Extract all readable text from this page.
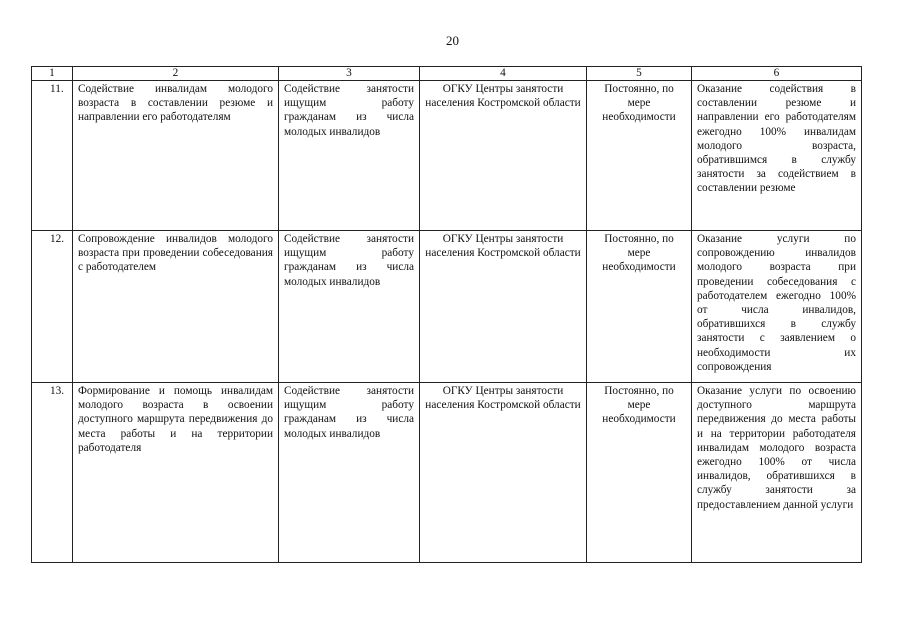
20
1	2	3	4	5	6
11.	Содействие инвалидам молодого возраста в составлении резюме и направлении его работодателям	Содействие занятости ищущим работу гражданам из числа молодых инвалидов	ОГКУ Центры занятости населения Костромской области	Постоянно, по мере необходимости	Оказание содействия в составлении резюме и направлении его работодателям ежегодно 100% инвалидам молодого возраста, обратившимся в службу занятости за содействием в составлении резюме
12.	Сопровождение инвалидов молодого возраста при проведении собеседования с работодателем	Содействие занятости ищущим работу гражданам из числа молодых инвалидов	ОГКУ Центры занятости населения Костромской области	Постоянно, по мере необходимости	Оказание услуги по сопровождению инвалидов молодого возраста при проведении собеседования с работодателем ежегодно 100% от числа инвалидов, обратившихся в службу занятости с заявлением о необходимости их сопровождения
13.	Формирование и помощь инвалидам молодого возраста в освоении доступного маршрута передвижения до места работы и на территории работодателя	Содействие занятости ищущим работу гражданам из числа молодых инвалидов	ОГКУ Центры занятости населения Костромской области	Постоянно, по мере необходимости	Оказание услуги по освоению доступного маршрута передвижения до места работы и на территории работодателя инвалидам молодого возраста ежегодно 100% от числа инвалидов, обратившихся в службу занятости за предоставлением данной услуги
